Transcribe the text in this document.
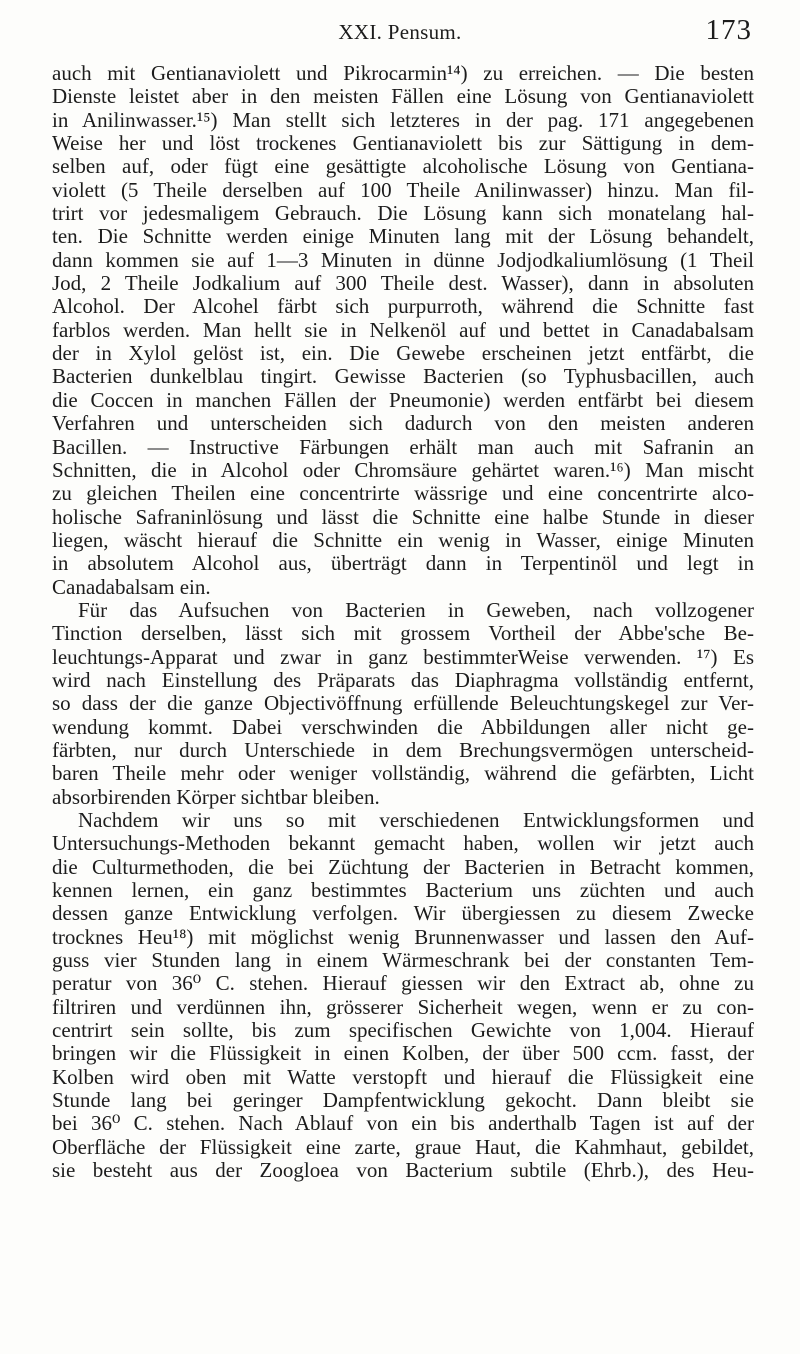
XXI. Pensum.	173
auch mit Gentianaviolett und Pikrocarmin¹⁴) zu erreichen. — Die besten
Dienste leistet aber in den meisten Fällen eine Lösung von Gentianaviolett
in Anilinwasser.¹⁵) Man stellt sich letzteres in der pag. 171 angegebenen
Weise her und löst trockenes Gentianaviolett bis zur Sättigung in dem-
selben auf, oder fügt eine gesättigte alcoholische Lösung von Gentiana-
violett (5 Theile derselben auf 100 Theile Anilinwasser) hinzu. Man fil-
trirt vor jedesmaligem Gebrauch. Die Lösung kann sich monatelang hal-
ten. Die Schnitte werden einige Minuten lang mit der Lösung behandelt,
dann kommen sie auf 1—3 Minuten in dünne Jodjodkaliumlösung (1 Theil
Jod, 2 Theile Jodkalium auf 300 Theile dest. Wasser), dann in absoluten
Alcohol. Der Alcohel färbt sich purpurroth, während die Schnitte fast
farblos werden. Man hellt sie in Nelkenöl auf und bettet in Canadabalsam
der in Xylol gelöst ist, ein. Die Gewebe erscheinen jetzt entfärbt, die
Bacterien dunkelblau tingirt. Gewisse Bacterien (so Typhusbacillen, auch
die Coccen in manchen Fällen der Pneumonie) werden entfärbt bei diesem
Verfahren und unterscheiden sich dadurch von den meisten anderen
Bacillen. — Instructive Färbungen erhält man auch mit Safranin an
Schnitten, die in Alcohol oder Chromsäure gehärtet waren.¹⁶) Man mischt
zu gleichen Theilen eine concentrirte wässrige und eine concentrirte alco-
holische Safraninlösung und lässt die Schnitte eine halbe Stunde in dieser
liegen, wäscht hierauf die Schnitte ein wenig in Wasser, einige Minuten
in absolutem Alcohol aus, überträgt dann in Terpentinöl und legt in
Canadabalsam ein.
Für das Aufsuchen von Bacterien in Geweben, nach vollzogener
Tinction derselben, lässt sich mit grossem Vortheil der Abbe'sche Be-
leuchtungs-Apparat und zwar in ganz bestimmterWeise verwenden. ¹⁷) Es
wird nach Einstellung des Präparats das Diaphragma vollständig entfernt,
so dass der die ganze Objectivöffnung erfüllende Beleuchtungskegel zur Ver-
wendung kommt. Dabei verschwinden die Abbildungen aller nicht ge-
färbten, nur durch Unterschiede in dem Brechungsvermögen unterscheid-
baren Theile mehr oder weniger vollständig, während die gefärbten, Licht
absorbirenden Körper sichtbar bleiben.
Nachdem wir uns so mit verschiedenen Entwicklungsformen und
Untersuchungs-Methoden bekannt gemacht haben, wollen wir jetzt auch
die Culturmethoden, die bei Züchtung der Bacterien in Betracht kommen,
kennen lernen, ein ganz bestimmtes Bacterium uns züchten und auch
dessen ganze Entwicklung verfolgen. Wir übergiessen zu diesem Zwecke
trocknes Heu¹⁸) mit möglichst wenig Brunnenwasser und lassen den Auf-
guss vier Stunden lang in einem Wärmeschrank bei der constanten Tem-
peratur von 36⁰ C. stehen. Hierauf giessen wir den Extract ab, ohne zu
filtriren und verdünnen ihn, grösserer Sicherheit wegen, wenn er zu con-
centrirt sein sollte, bis zum specifischen Gewichte von 1,004. Hierauf
bringen wir die Flüssigkeit in einen Kolben, der über 500 ccm. fasst, der
Kolben wird oben mit Watte verstopft und hierauf die Flüssigkeit eine
Stunde lang bei geringer Dampfentwicklung gekocht. Dann bleibt sie
bei 36⁰ C. stehen. Nach Ablauf von ein bis anderthalb Tagen ist auf der
Oberfläche der Flüssigkeit eine zarte, graue Haut, die Kahmhaut, gebildet,
sie besteht aus der Zoogloea von Bacterium subtile (Ehrb.), des Heu-
